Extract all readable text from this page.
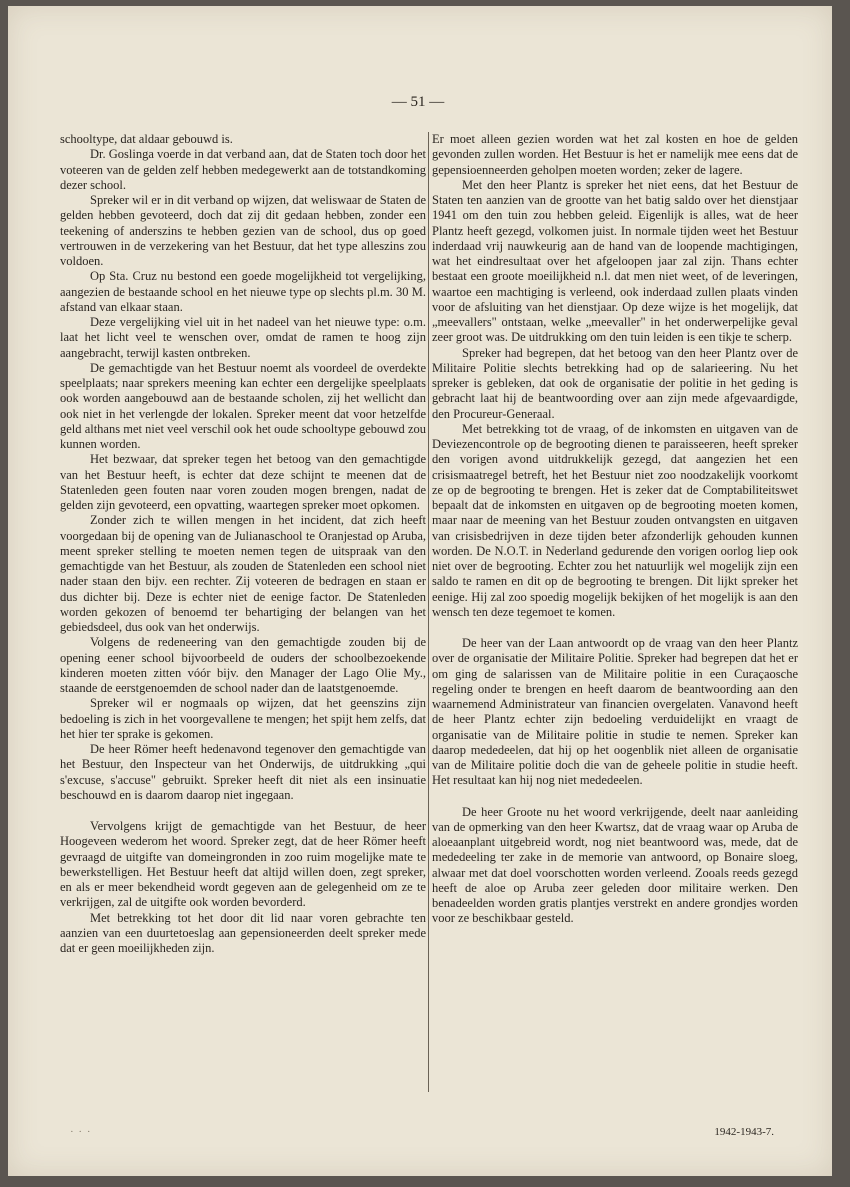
— 51 —

schooltype, dat aldaar gebouwd is.

Dr. Goslinga voerde in dat verband aan, dat de Staten toch door het voteeren van de gelden zelf hebben medegewerkt aan de totstandkoming dezer school.

Spreker wil er in dit verband op wijzen, dat weliswaar de Staten de gelden hebben gevoteerd, doch dat zij dit gedaan hebben, zonder een teekening of anderszins te hebben gezien van de school, dus op goed vertrouwen in de verzekering van het Bestuur, dat het type alleszins zou voldoen.

Op Sta. Cruz nu bestond een goede mogelijkheid tot vergelijking, aangezien de bestaande school en het nieuwe type op slechts pl.m. 30 M. afstand van elkaar staan.

Deze vergelijking viel uit in het nadeel van het nieuwe type: o.m. laat het licht veel te wenschen over, omdat de ramen te hoog zijn aangebracht, terwijl kasten ontbreken.

De gemachtigde van het Bestuur noemt als voordeel de overdekte speelplaats; naar sprekers meening kan echter een dergelijke speelplaats ook worden aangebouwd aan de bestaande scholen, zij het wellicht dan ook niet in het verlengde der lokalen. Spreker meent dat voor hetzelfde geld althans met niet veel verschil ook het oude schooltype gebouwd zou kunnen worden.

Het bezwaar, dat spreker tegen het betoog van den gemachtigde van het Bestuur heeft, is echter dat deze schijnt te meenen dat de Statenleden geen fouten naar voren zouden mogen brengen, nadat de gelden zijn gevoteerd, een opvatting, waartegen spreker moet opkomen.

Zonder zich te willen mengen in het incident, dat zich heeft voorgedaan bij de opening van de Julianaschool te Oranjestad op Aruba, meent spreker stelling te moeten nemen tegen de uitspraak van den gemachtigde van het Bestuur, als zouden de Statenleden een school niet nader staan den bijv. een rechter. Zij voteeren de bedragen en staan er dus dichter bij. Deze is echter niet de eenige factor. De Statenleden worden gekozen of benoemd ter behartiging der belangen van het gebiedsdeel, dus ook van het onderwijs.

Volgens de redeneering van den gemachtigde zouden bij de opening eener school bijvoorbeeld de ouders der schoolbezoekende kinderen moeten zitten vóór bijv. den Manager der Lago Olie My., staande de eerstgenoemden de school nader dan de laatstgenoemde.

Spreker wil er nogmaals op wijzen, dat het geenszins zijn bedoeling is zich in het voorgevallene te mengen; het spijt hem zelfs, dat het hier ter sprake is gekomen.

De heer Römer heeft hedenavond tegenover den gemachtigde van het Bestuur, den Inspecteur van het Onderwijs, de uitdrukking „qui s'excuse, s'accuse" gebruikt. Spreker heeft dit niet als een insinuatie beschouwd en is daarom daarop niet ingegaan.

Vervolgens krijgt de gemachtigde van het Bestuur, de heer Hoogeveen wederom het woord. Spreker zegt, dat de heer Römer heeft gevraagd de uitgifte van domeingronden in zoo ruim mogelijke mate te bewerkstelligen. Het Bestuur heeft dat altijd willen doen, zegt spreker, en als er meer bekendheid wordt gegeven aan de gelegenheid om ze te verkrijgen, zal de uitgifte ook worden bevorderd.

Met betrekking tot het door dit lid naar voren gebrachte ten aanzien van een duurtetoeslag aan gepensioneerden deelt spreker mede dat er geen moeilijkheden zijn.

Er moet alleen gezien worden wat het zal kosten en hoe de gelden gevonden zullen worden. Het Bestuur is het er namelijk mee eens dat de gepensioenneerden geholpen moeten worden; zeker de lagere.

Met den heer Plantz is spreker het niet eens, dat het Bestuur de Staten ten aanzien van de grootte van het batig saldo over het dienstjaar 1941 om den tuin zou hebben geleid. Eigenlijk is alles, wat de heer Plantz heeft gezegd, volkomen juist. In normale tijden weet het Bestuur inderdaad vrij nauwkeurig aan de hand van de loopende machtigingen, wat het eindresultaat over het afgeloopen jaar zal zijn. Thans echter bestaat een groote moeilijkheid n.l. dat men niet weet, of de leveringen, waartoe een machtiging is verleend, ook inderdaad zullen plaats vinden voor de afsluiting van het dienstjaar. Op deze wijze is het mogelijk, dat „meevallers" ontstaan, welke „meevaller" in het onderwerpelijke geval zeer groot was. De uitdrukking om den tuin leiden is een tikje te scherp.

Spreker had begrepen, dat het betoog van den heer Plantz over de Militaire Politie slechts betrekking had op de salarieering. Nu het spreker is gebleken, dat ook de organisatie der politie in het geding is gebracht laat hij de beantwoording over aan zijn mede afgevaardigde, den Procureur-Generaal.

Met betrekking tot de vraag, of de inkomsten en uitgaven van de Deviezencontrole op de begrooting dienen te paraisseeren, heeft spreker den vorigen avond uitdrukkelijk gezegd, dat aangezien het een crisismaatregel betreft, het het Bestuur niet zoo noodzakelijk voorkomt ze op de begrooting te brengen. Het is zeker dat de Comptabiliteitswet bepaalt dat de inkomsten en uitgaven op de begrooting moeten komen, maar naar de meening van het Bestuur zouden ontvangsten en uitgaven van crisisbedrijven in deze tijden beter afzonderlijk gehouden kunnen worden. De N.O.T. in Nederland gedurende den vorigen oorlog liep ook niet over de begrooting. Echter zou het natuurlijk wel mogelijk zijn een saldo te ramen en dit op de begrooting te brengen. Dit lijkt spreker het eenige. Hij zal zoo spoedig mogelijk bekijken of het mogelijk is aan den wensch ten deze tegemoet te komen.

De heer van der Laan antwoordt op de vraag van den heer Plantz over de organisatie der Militaire Politie. Spreker had begrepen dat het er om ging de salarissen van de Militaire politie in een Curaçaosche regeling onder te brengen en heeft daarom de beantwoording aan den waarnemend Administrateur van financien overgelaten. Vanavond heeft de heer Plantz echter zijn bedoeling verduidelijkt en vraagt de organisatie van de Militaire politie in studie te nemen. Spreker kan daarop mededeelen, dat hij op het oogenblik niet alleen de organisatie van de Militaire politie doch die van de geheele politie in studie heeft. Het resultaat kan hij nog niet mededeelen.

De heer Groote nu het woord verkrijgende, deelt naar aanleiding van de opmerking van den heer Kwartsz, dat de vraag waar op Aruba de aloeaanplant uitgebreid wordt, nog niet beantwoord was, mede, dat de mededeeling ter zake in de memorie van antwoord, op Bonaire sloeg, alwaar met dat doel voorschotten worden verleend. Zooals reeds gezegd heeft de aloe op Aruba zeer geleden door militaire werken. Den benadeelden worden gratis plantjes verstrekt en andere grondjes worden voor ze beschikbaar gesteld.

· · ·	1942-1943-7.
